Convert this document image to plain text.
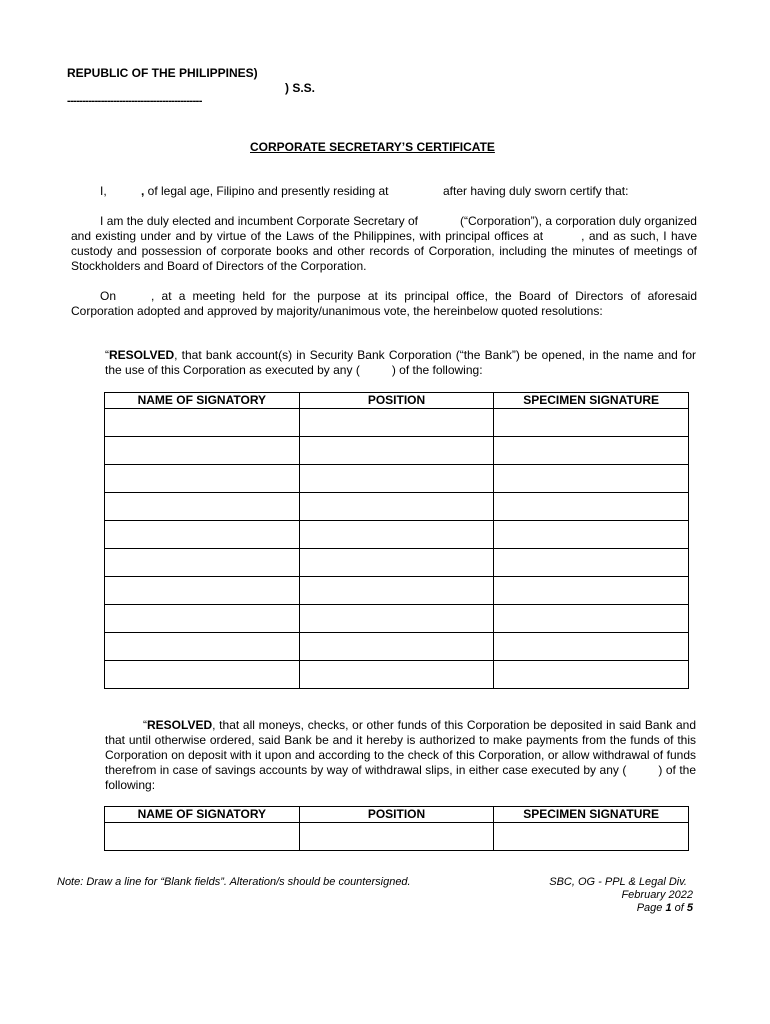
REPUBLIC OF THE PHILIPPINES)
) S.S.
--------------------------------------------
CORPORATE SECRETARY’S CERTIFICATE
I,	, of legal age, Filipino and presently residing at	after having duly sworn certify that:
I am the duly elected and incumbent Corporate Secretary of	(“Corporation”), a corporation duly organized and existing under and by virtue of the Laws of the Philippines, with principal offices at	, and as such, I have custody and possession of corporate books and other records of Corporation, including the minutes of meetings of Stockholders and Board of Directors of the Corporation.
On	, at a meeting held for the purpose at its principal office, the Board of Directors of aforesaid Corporation adopted and approved by majority/unanimous vote, the hereinbelow quoted resolutions:
“RESOLVED, that bank account(s) in Security Bank Corporation (“the Bank”) be opened, in the name and for the use of this Corporation as executed by any (	) of the following:
NAME OF SIGNATORY	POSITION	SPECIMEN SIGNATURE

“RESOLVED, that all moneys, checks, or other funds of this Corporation be deposited in said Bank and that until otherwise ordered, said Bank be and it hereby is authorized to make payments from the funds of this Corporation on deposit with it upon and according to the check of this Corporation, or allow withdrawal of funds therefrom in case of savings accounts by way of withdrawal slips, in either case executed by any (	) of the following:
NAME OF SIGNATORY	POSITION	SPECIMEN SIGNATURE

Note: Draw a line for “Blank fields”. Alteration/s should be countersigned.	SBC, OG - PPL & Legal Div.
February 2022
Page 1 of 5
